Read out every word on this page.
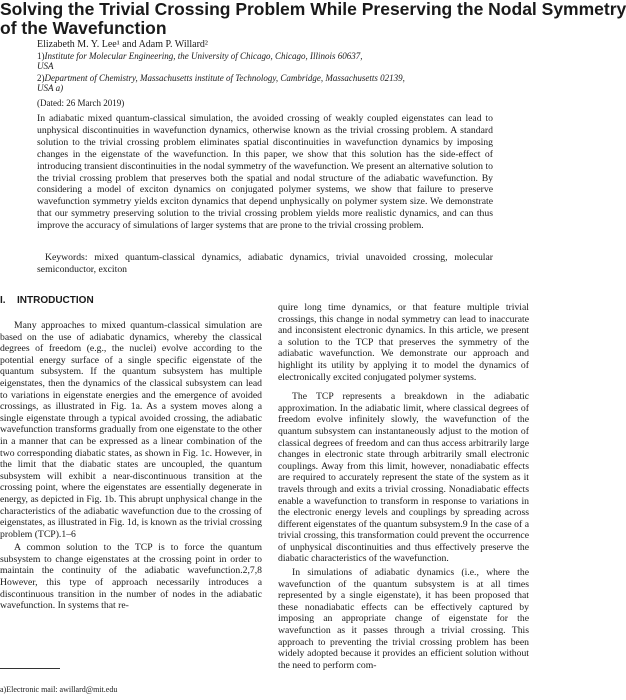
Solving the Trivial Crossing Problem While Preserving the Nodal Symmetry
of the Wavefunction
Elizabeth M. Y. Lee¹ and Adam P. Willard²
1)Institute for Molecular Engineering, the University of Chicago, Chicago, Illinois 60637,
USA
2)Department of Chemistry, Massachusetts institute of Technology, Cambridge, Massachusetts 02139,
USA a)
(Dated: 26 March 2019)

In adiabatic mixed quantum-classical simulation, the avoided crossing of weakly coupled eigenstates can lead to unphysical discontinuities in wavefunction dynamics, otherwise known as the trivial crossing problem. A standard solution to the trivial crossing problem eliminates spatial discontinuities in wavefunction dynamics by imposing changes in the eigenstate of the wavefunction. In this paper, we show that this solution has the side-effect of introducing transient discontinuities in the nodal symmetry of the wavefunction. We present an alternative solution to the trivial crossing problem that preserves both the spatial and nodal structure of the adiabatic wavefunction. By considering a model of exciton dynamics on conjugated polymer systems, we show that failure to preserve wavefunction symmetry yields exciton dynamics that depend unphysically on polymer system size. We demonstrate that our symmetry preserving solution to the trivial crossing problem yields more realistic dynamics, and can thus improve the accuracy of simulations of larger systems that are prone to the trivial crossing problem.

Keywords: mixed quantum-classical dynamics, adiabatic dynamics, trivial unavoided crossing, molecular semiconductor, exciton

I. INTRODUCTION

Many approaches to mixed quantum-classical simulation are based on the use of adiabatic dynamics, whereby the classical degrees of freedom (e.g., the nuclei) evolve according to the potential energy surface of a single specific eigenstate of the quantum subsystem. If the quantum subsystem has multiple eigenstates, then the dynamics of the classical subsystem can lead to variations in eigenstate energies and the emergence of avoided crossings, as illustrated in Fig. 1a. As a system moves along a single eigenstate through a typical avoided crossing, the adiabatic wavefunction transforms gradually from one eigenstate to the other in a manner that can be expressed as a linear combination of the two corresponding diabatic states, as shown in Fig. 1c. However, in the limit that the diabatic states are uncoupled, the quantum subsystem will exhibit a near-discontinuous transition at the crossing point, where the eigenstates are essentially degenerate in energy, as depicted in Fig. 1b. This abrupt unphysical change in the characteristics of the adiabatic wavefunction due to the crossing of eigenstates, as illustrated in Fig. 1d, is known as the trivial crossing problem (TCP).1–6

A common solution to the TCP is to force the quantum subsystem to change eigenstates at the crossing point in order to maintain the continuity of the adiabatic wavefunction.2,7,8 However, this type of approach necessarily introduces a discontinuous transition in the number of nodes in the adiabatic wavefunction. In systems that re-

quire long time dynamics, or that feature multiple trivial crossings, this change in nodal symmetry can lead to inaccurate and inconsistent electronic dynamics. In this article, we present a solution to the TCP that preserves the symmetry of the adiabatic wavefunction. We demonstrate our approach and highlight its utility by applying it to model the dynamics of electronically excited conjugated polymer systems.

The TCP represents a breakdown in the adiabatic approximation. In the adiabatic limit, where classical degrees of freedom evolve infinitely slowly, the wavefunction of the quantum subsystem can instantaneously adjust to the motion of classical degrees of freedom and can thus access arbitrarily large changes in electronic state through arbitrarily small electronic couplings. Away from this limit, however, nonadiabatic effects are required to accurately represent the state of the system as it travels through and exits a trivial crossing. Nonadiabatic effects enable a wavefunction to transform in response to variations in the electronic energy levels and couplings by spreading across different eigenstates of the quantum subsystem.9 In the case of a trivial crossing, this transformation could prevent the occurrence of unphysical discontinuities and thus effectively preserve the diabatic characteristics of the wavefunction.

In simulations of adiabatic dynamics (i.e., where the wavefunction of the quantum subsystem is at all times represented by a single eigenstate), it has been proposed that these nonadiabatic effects can be effectively captured by imposing an appropriate change of eigenstate for the wavefunction as it passes through a trivial crossing. This approach to preventing the trivial crossing problem has been widely adopted because it provides an efficient solution without the need to perform com-

a)Electronic mail: awillard@mit.edu
